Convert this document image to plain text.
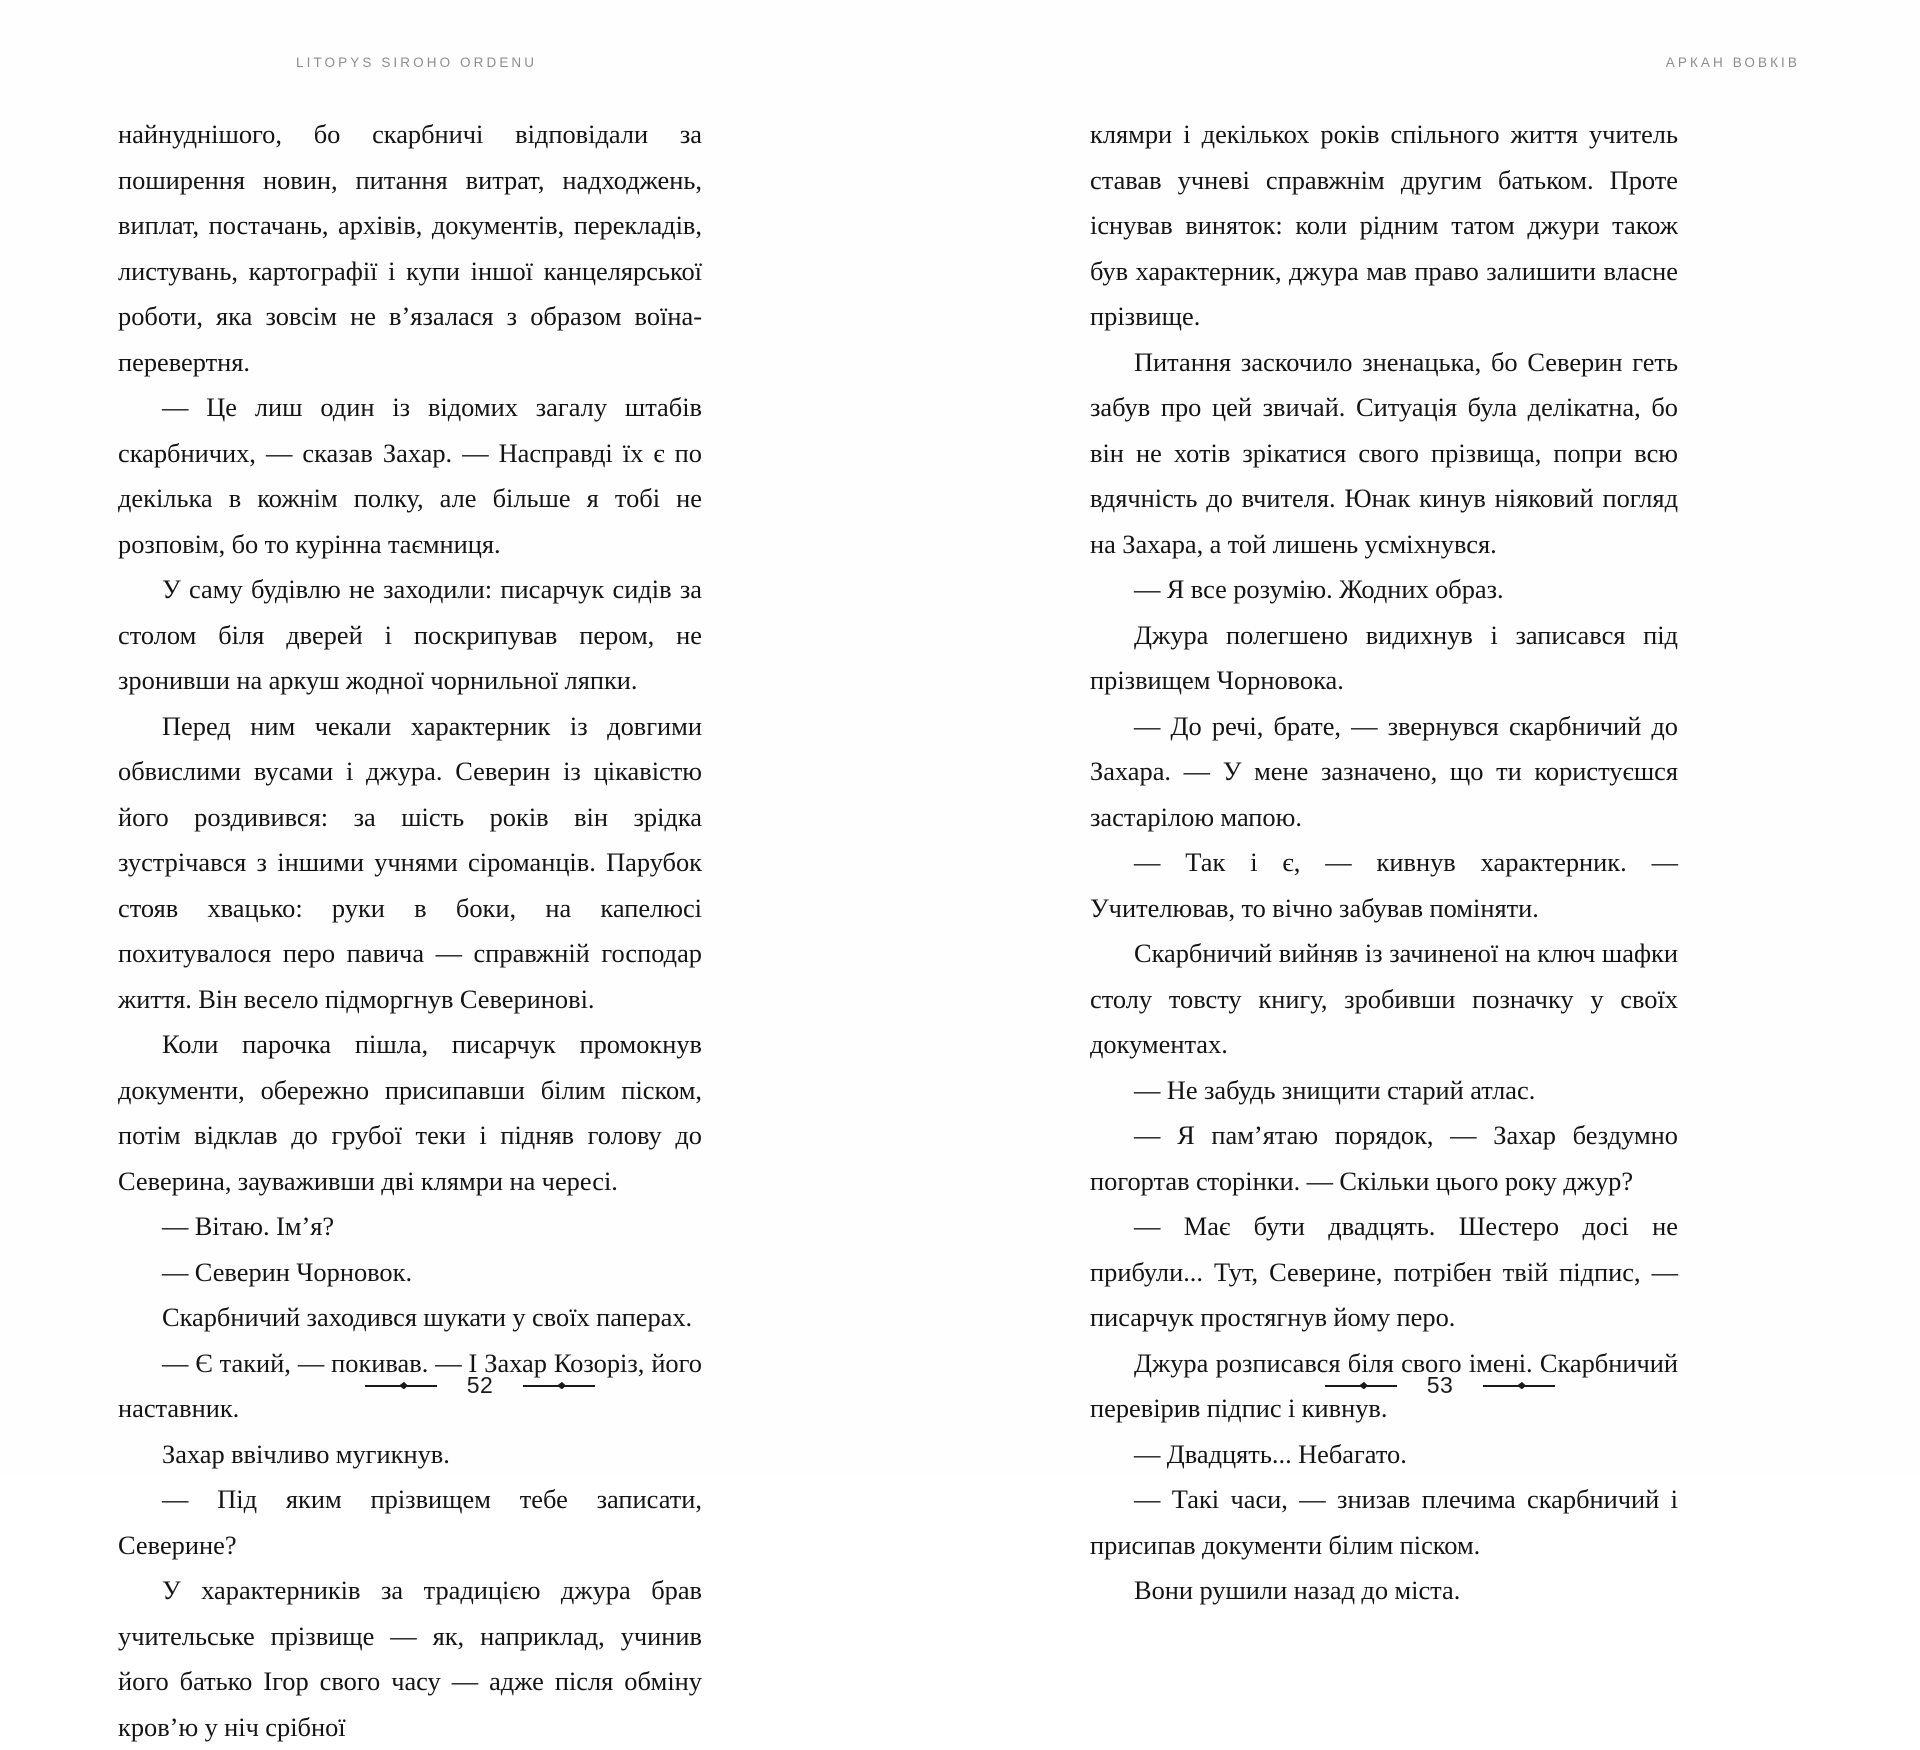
LITOPYS SIROHO ORDENU

найнуднішого, бо скарбничі відповідали за поширення новин, питання витрат, надходжень, виплат, постачань, архівів, документів, перекладів, листувань, картографії і купи іншої канцелярської роботи, яка зовсім не в’язалася з образом воїна-перевертня.

— Це лиш один із відомих загалу штабів скарбничих, — сказав Захар. — Насправді їх є по декілька в кожнім полку, але більше я тобі не розповім, бо то курінна таємниця.

У саму будівлю не заходили: писарчук сидів за столом біля дверей і поскрипував пером, не зронивши на аркуш жодної чорнильної ляпки.

Перед ним чекали характерник із довгими обвислими вусами і джура. Северин із цікавістю його роздивився: за шість років він зрідка зустрічався з іншими учнями сіроманців. Парубок стояв хвацько: руки в боки, на капелюсі похитувалося перо павича — справжній господар життя. Він весело підморгнув Северинові.

Коли парочка пішла, писарчук промокнув документи, обережно присипавши білим піском, потім відклав до грубої теки і підняв голову до Северина, зауваживши дві клямри на чересі.

— Вітаю. Ім’я?

— Северин Чорновок.

Скарбничий заходився шукати у своїх паперах.

— Є такий, — покивав. — І Захар Козоріз, його наставник.

Захар ввічливо мугикнув.

— Під яким прізвищем тебе записати, Северине?

У характерників за традицією джура брав учительське прізвище — як, наприклад, учинив його батько Ігор свого часу — адже після обміну кров’ю у ніч срібної

52
АРКАН ВОВКІВ

клямри і декількох років спільного життя учитель ставав учневі справжнім другим батьком. Проте існував виняток: коли рідним татом джури також був характерник, джура мав право залишити власне прізвище.

Питання заскочило зненацька, бо Северин геть забув про цей звичай. Ситуація була делікатна, бо він не хотів зрікатися свого прізвища, попри всю вдячність до вчителя. Юнак кинув ніяковий погляд на Захара, а той лишень усміхнувся.

— Я все розумію. Жодних образ.

Джура полегшено видихнув і записався під прізвищем Чорновока.

— До речі, брате, — звернувся скарбничий до Захара. — У мене зазначено, що ти користуєшся застарілою мапою.

— Так і є, — кивнув характерник. — Учителював, то вічно забував поміняти.

Скарбничий вийняв із зачиненої на ключ шафки столу товсту книгу, зробивши позначку у своїх документах.

— Не забудь знищити старий атлас.

— Я пам’ятаю порядок, — Захар бездумно погортав сторінки. — Скільки цього року джур?

— Має бути двадцять. Шестеро досі не прибули... Тут, Северине, потрібен твій підпис, — писарчук простягнув йому перо.

Джура розписався біля свого імені. Скарбничий перевірив підпис і кивнув.

— Двадцять... Небагато.

— Такі часи, — знизав плечима скарбничий і присипав документи білим піском.

Вони рушили назад до міста.

53
